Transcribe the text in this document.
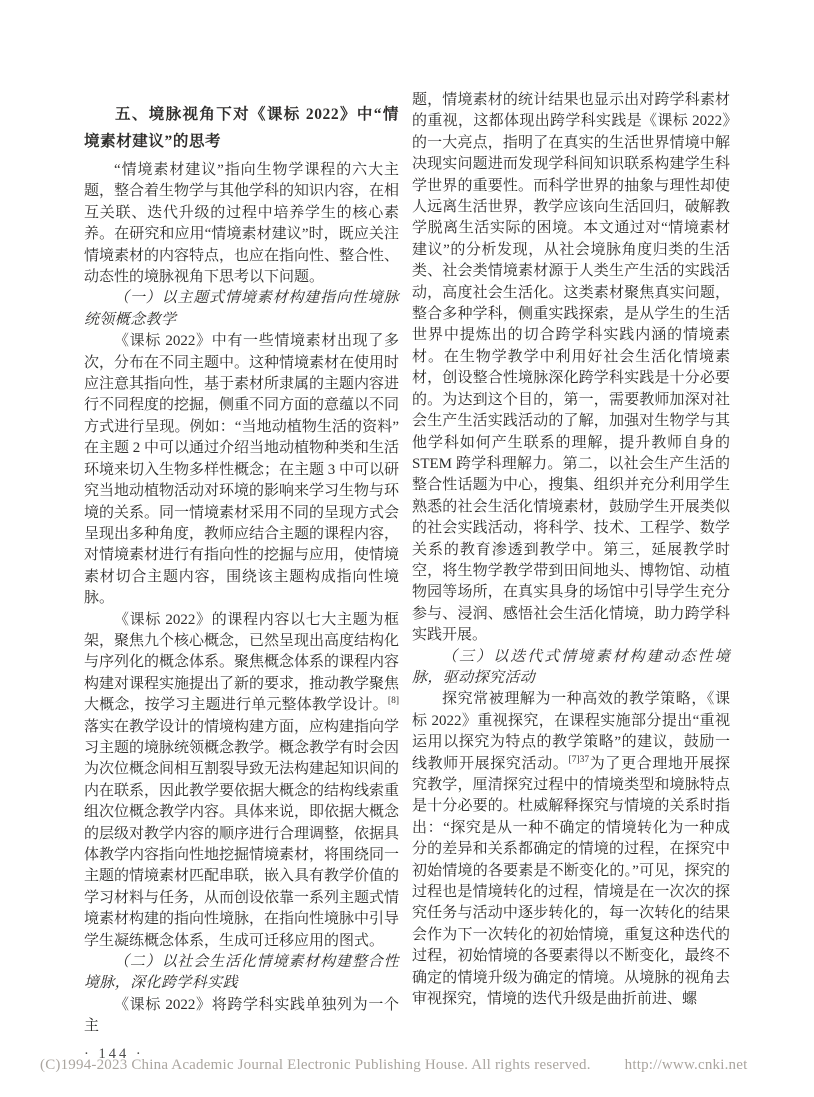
五、境脉视角下对《课标 2022》中“情境素材建议”的思考

“情境素材建议”指向生物学课程的六大主题，整合着生物学与其他学科的知识内容，在相互关联、迭代升级的过程中培养学生的核心素养。在研究和应用“情境素材建议”时，既应关注情境素材的内容特点，也应在指向性、整合性、动态性的境脉视角下思考以下问题。

（一）以主题式情境素材构建指向性境脉统领概念教学

《课标 2022》中有一些情境素材出现了多次，分布在不同主题中。这种情境素材在使用时应注意其指向性，基于素材所隶属的主题内容进行不同程度的挖掘，侧重不同方面的意蕴以不同方式进行呈现。例如：“当地动植物生活的资料”在主题 2 中可以通过介绍当地动植物种类和生活环境来切入生物多样性概念；在主题 3 中可以研究当地动植物活动对环境的影响来学习生物与环境的关系。同一情境素材采用不同的呈现方式会呈现出多种角度，教师应结合主题的课程内容，对情境素材进行有指向性的挖掘与应用，使情境素材切合主题内容，围绕该主题构成指向性境脉。

《课标 2022》的课程内容以七大主题为框架，聚焦九个核心概念，已然呈现出高度结构化与序列化的概念体系。聚焦概念体系的课程内容构建对课程实施提出了新的要求，推动教学聚焦大概念，按学习主题进行单元整体教学设计。[8]落实在教学设计的情境构建方面，应构建指向学习主题的境脉统领概念教学。概念教学有时会因为次位概念间相互割裂导致无法构建起知识间的内在联系，因此教学要依据大概念的结构线索重组次位概念教学内容。具体来说，即依据大概念的层级对教学内容的顺序进行合理调整，依据具体教学内容指向性地挖掘情境素材，将围绕同一主题的情境素材匹配串联，嵌入具有教学价值的学习材料与任务，从而创设依靠一系列主题式情境素材构建的指向性境脉，在指向性境脉中引导学生凝练概念体系，生成可迁移应用的图式。

（二）以社会生活化情境素材构建整合性境脉，深化跨学科实践

《课标 2022》将跨学科实践单独列为一个主

· 144 ·

题，情境素材的统计结果也显示出对跨学科素材的重视，这都体现出跨学科实践是《课标 2022》的一大亮点，指明了在真实的生活世界情境中解决现实问题进而发现学科间知识联系构建学生科学世界的重要性。而科学世界的抽象与理性却使人远离生活世界，教学应该向生活回归，破解教学脱离生活实际的困境。本文通过对“情境素材建议”的分析发现，从社会境脉角度归类的生活类、社会类情境素材源于人类生产生活的实践活动，高度社会生活化。这类素材聚焦真实问题，整合多种学科，侧重实践探索，是从学生的生活世界中提炼出的切合跨学科实践内涵的情境素材。在生物学教学中利用好社会生活化情境素材，创设整合性境脉深化跨学科实践是十分必要的。为达到这个目的，第一，需要教师加深对社会生产生活实践活动的了解，加强对生物学与其他学科如何产生联系的理解，提升教师自身的 STEM 跨学科理解力。第二，以社会生产生活的整合性话题为中心，搜集、组织并充分利用学生熟悉的社会生活化情境素材，鼓励学生开展类似的社会实践活动，将科学、技术、工程学、数学关系的教育渗透到教学中。第三，延展教学时空，将生物学教学带到田间地头、博物馆、动植物园等场所，在真实具身的场馆中引导学生充分参与、浸润、感悟社会生活化情境，助力跨学科实践开展。

（三）以迭代式情境素材构建动态性境脉，驱动探究活动

探究常被理解为一种高效的教学策略，《课标 2022》重视探究，在课程实施部分提出“重视运用以探究为特点的教学策略”的建议，鼓励一线教师开展探究活动。$^{[7]37}$为了更合理地开展探究教学，厘清探究过程中的情境类型和境脉特点是十分必要的。杜威解释探究与情境的关系时指出：“探究是从一种不确定的情境转化为一种成分的差异和关系都确定的情境的过程，在探究中初始情境的各要素是不断变化的。”可见，探究的过程也是情境转化的过程，情境是在一次次的探究任务与活动中逐步转化的，每一次转化的结果会作为下一次转化的初始情境，重复这种迭代的过程，初始情境的各要素得以不断变化，最终不确定的情境升级为确定的情境。从境脉的视角去审视探究，情境的迭代升级是曲折前进、螺

(C)1994-2023 China Academic Journal Electronic Publishing House. All rights reserved. http://www.cnki.net
